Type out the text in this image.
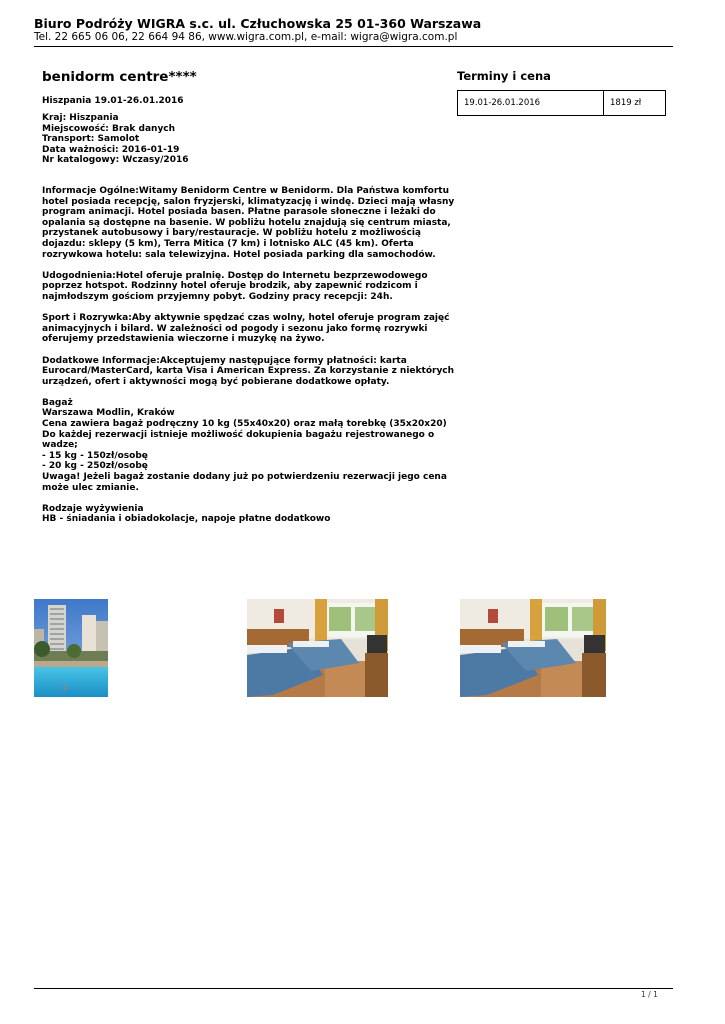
Biuro Podróży WIGRA s.c. ul. Człuchowska 25 01-360 Warszawa
Tel. 22 665 06 06, 22 664 94 86, www.wigra.com.pl, e-mail: wigra@wigra.com.pl
benidorm centre****
Hiszpania 19.01-26.01.2016
Kraj: Hiszpania
Miejscowość: Brak danych
Transport: Samolot
Data ważności: 2016-01-19
Nr katalogowy: Wczasy/2016

Informacje Ogólne:Witamy Benidorm Centre w Benidorm. Dla Państwa komfortu
hotel posiada recepcję, salon fryzjerski, klimatyzację i windę. Dzieci mają własny
program animacji. Hotel posiada basen. Płatne parasole słoneczne i leżaki do
opalania są dostępne na basenie. W pobliżu hotelu znajdują się centrum miasta,
przystanek autobusowy i bary/restauracje. W pobliżu hotelu z możliwością
dojazdu: sklepy (5 km), Terra Mitica (7 km) i lotnisko ALC (45 km). Oferta
rozrywkowa hotelu: sala telewizyjna. Hotel posiada parking dla samochodów.

Udogodnienia:Hotel oferuje pralnię. Dostęp do Internetu bezprzewodowego
poprzez hotspot. Rodzinny hotel oferuje brodzik, aby zapewnić rodzicom i
najmłodszym gościom przyjemny pobyt. Godziny pracy recepcji: 24h.

Sport i Rozrywka:Aby aktywnie spędzać czas wolny, hotel oferuje program zajęć
animacyjnych i bilard. W zależności od pogody i sezonu jako formę rozrywki
oferujemy przedstawienia wieczorne i muzykę na żywo.

Dodatkowe Informacje:Akceptujemy następujące formy płatności: karta
Eurocard/MasterCard, karta Visa i American Express. Za korzystanie z niektórych
urządzeń, ofert i aktywności mogą być pobierane dodatkowe opłaty.

Bagaż
Warszawa Modlin, Kraków
Cena zawiera bagaż podręczny 10 kg (55x40x20) oraz małą torebkę (35x20x20)
Do każdej rezerwacji istnieje możliwość dokupienia bagażu rejestrowanego o
wadze;
- 15 kg - 150zł/osobę
- 20 kg - 250zł/osobę
Uwaga! Jeżeli bagaż zostanie dodany już po potwierdzeniu rezerwacji jego cena
może ulec zmianie.

Rodzaje wyżywienia
HB - śniadania i obiadokolacje, napoje płatne dodatkowo

Terminy i cena
19.01-26.01.2016	1819 zł
1 / 1
